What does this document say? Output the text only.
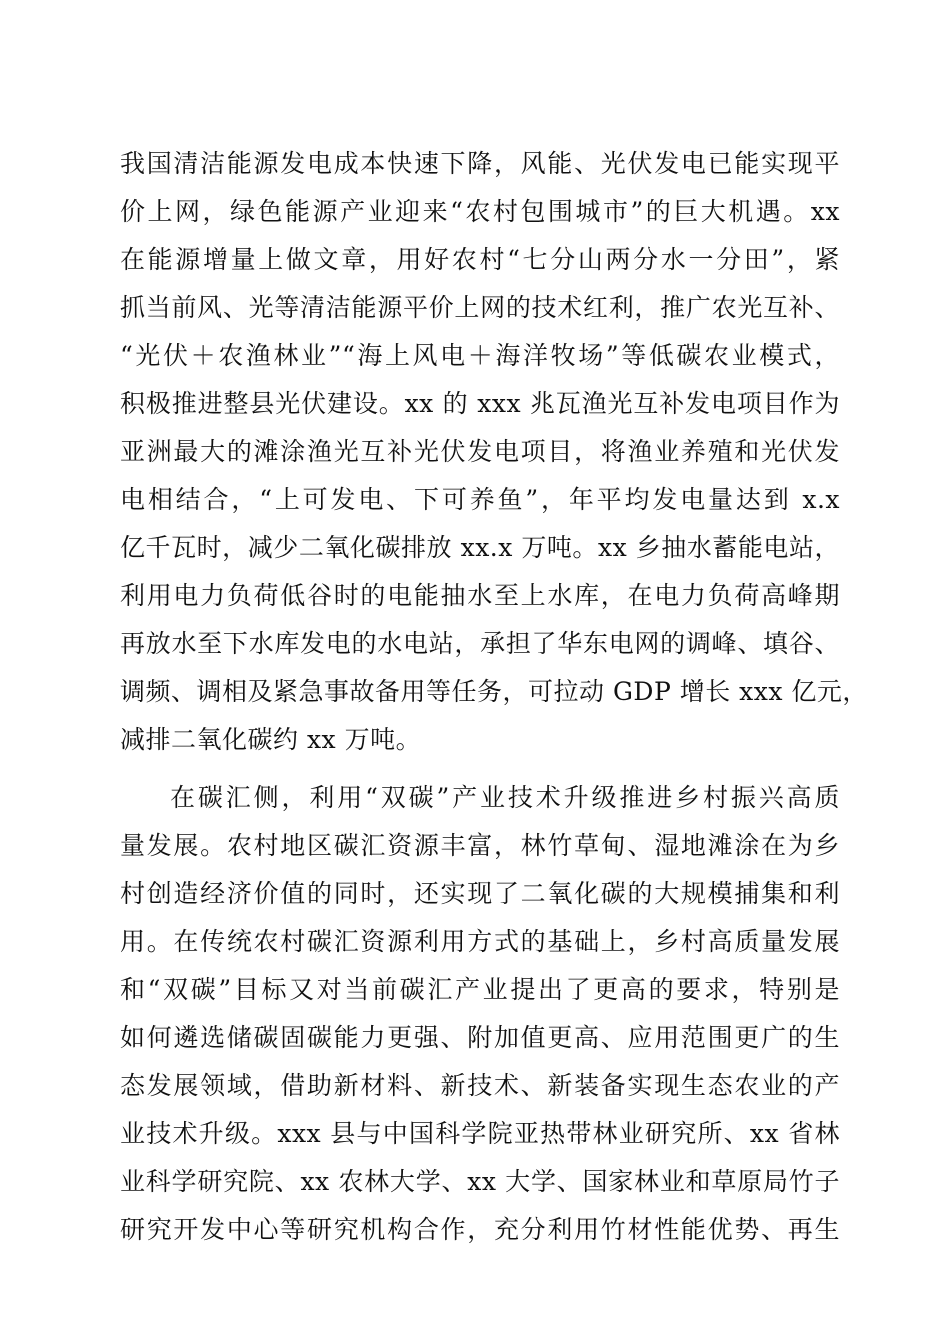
我国清洁能源发电成本快速下降，风能、光伏发电已能实现平
价上网，绿色能源产业迎来“农村包围城市”的巨大机遇。xx
在能源增量上做文章，用好农村“七分山两分水一分田”，紧
抓当前风、光等清洁能源平价上网的技术红利，推广农光互补、
“光伏＋农渔林业”“海上风电＋海洋牧场”等低碳农业模式，
积极推进整县光伏建设。xx 的 xxx 兆瓦渔光互补发电项目作为
亚洲最大的滩涂渔光互补光伏发电项目，将渔业养殖和光伏发
电相结合，“上可发电、下可养鱼”，年平均发电量达到 x.x
亿千瓦时，减少二氧化碳排放 xx.x 万吨。xx 乡抽水蓄能电站，
利用电力负荷低谷时的电能抽水至上水库，在电力负荷高峰期
再放水至下水库发电的水电站，承担了华东电网的调峰、填谷、
调频、调相及紧急事故备用等任务，可拉动 GDP 增长 xxx 亿元，
减排二氧化碳约 xx 万吨。
在碳汇侧，利用“双碳”产业技术升级推进乡村振兴高质
量发展。农村地区碳汇资源丰富，林竹草甸、湿地滩涂在为乡
村创造经济价值的同时，还实现了二氧化碳的大规模捕集和利
用。在传统农村碳汇资源利用方式的基础上，乡村高质量发展
和“双碳”目标又对当前碳汇产业提出了更高的要求，特别是
如何遴选储碳固碳能力更强、附加值更高、应用范围更广的生
态发展领域，借助新材料、新技术、新装备实现生态农业的产
业技术升级。xxx 县与中国科学院亚热带林业研究所、xx 省林
业科学研究院、xx 农林大学、xx 大学、国家林业和草原局竹子
研究开发中心等研究机构合作，充分利用竹材性能优势、再生
